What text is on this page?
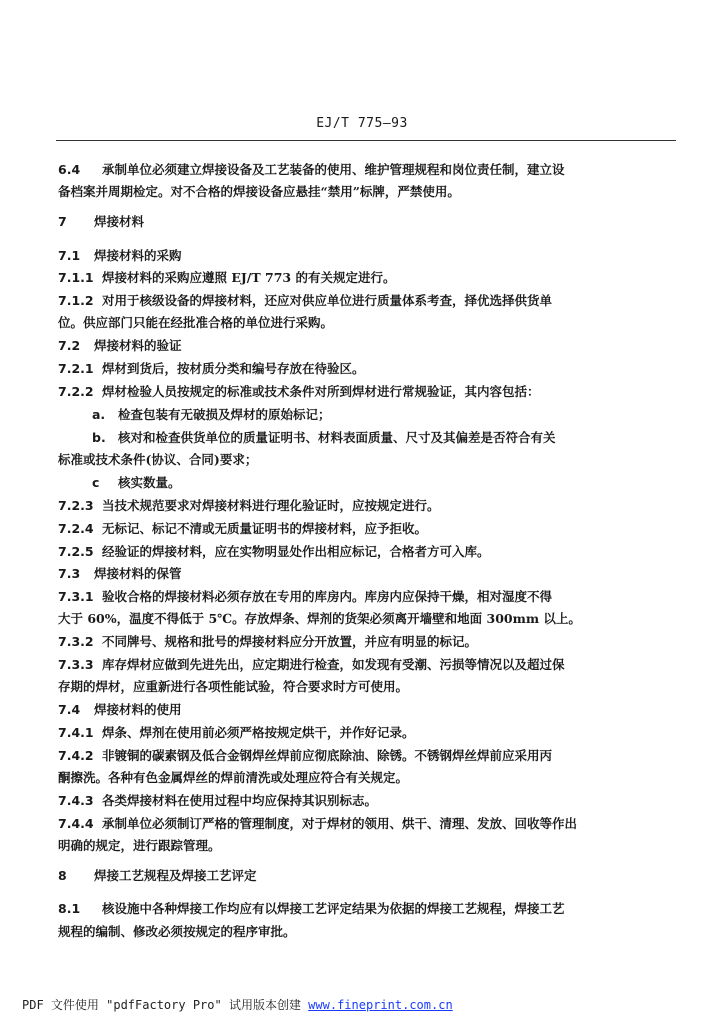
EJ/T 775—93
6.4 承制单位必须建立焊接设备及工艺装备的使用、维护管理规程和岗位责任制，建立设
备档案并周期检定。对不合格的焊接设备应悬挂“禁用”标牌，严禁使用。
7 焊接材料
7.1 焊接材料的采购
7.1.1 焊接材料的采购应遵照 EJ/T 773 的有关规定进行。
7.1.2 对用于核级设备的焊接材料，还应对供应单位进行质量体系考查，择优选择供货单
位。供应部门只能在经批准合格的单位进行采购。
7.2 焊接材料的验证
7.2.1 焊材到货后，按材质分类和编号存放在待验区。
7.2.2 焊材检验人员按规定的标准或技术条件对所到焊材进行常规验证，其内容包括：
a. 检查包装有无破损及焊材的原始标记；
b. 核对和检查供货单位的质量证明书、材料表面质量、尺寸及其偏差是否符合有关
标准或技术条件(协议、合同)要求；
c 核实数量。
7.2.3 当技术规范要求对焊接材料进行理化验证时，应按规定进行。
7.2.4 无标记、标记不清或无质量证明书的焊接材料，应予拒收。
7.2.5 经验证的焊接材料，应在实物明显处作出相应标记，合格者方可入库。
7.3 焊接材料的保管
7.3.1 验收合格的焊接材料必须存放在专用的库房内。库房内应保持干燥，相对湿度不得
大于 60%，温度不得低于 5℃。存放焊条、焊剂的货架必须离开墙壁和地面 300mm 以上。
7.3.2 不同牌号、规格和批号的焊接材料应分开放置，并应有明显的标记。
7.3.3 库存焊材应做到先进先出，应定期进行检查，如发现有受潮、污损等情况以及超过保
存期的焊材，应重新进行各项性能试验，符合要求时方可使用。
7.4 焊接材料的使用
7.4.1 焊条、焊剂在使用前必须严格按规定烘干，并作好记录。
7.4.2 非镀铜的碳素钢及低合金钢焊丝焊前应彻底除油、除锈。不锈钢焊丝焊前应采用丙
酮擦洗。各种有色金属焊丝的焊前清洗或处理应符合有关规定。
7.4.3 各类焊接材料在使用过程中均应保持其识别标志。
7.4.4 承制单位必须制订严格的管理制度，对于焊材的领用、烘干、清理、发放、回收等作出
明确的规定，进行跟踪管理。
8 焊接工艺规程及焊接工艺评定
8.1 核设施中各种焊接工作均应有以焊接工艺评定结果为依据的焊接工艺规程，焊接工艺
规程的编制、修改必须按规定的程序审批。
PDF 文件使用 "pdfFactory Pro" 试用版本创建 www.fineprint.com.cn
